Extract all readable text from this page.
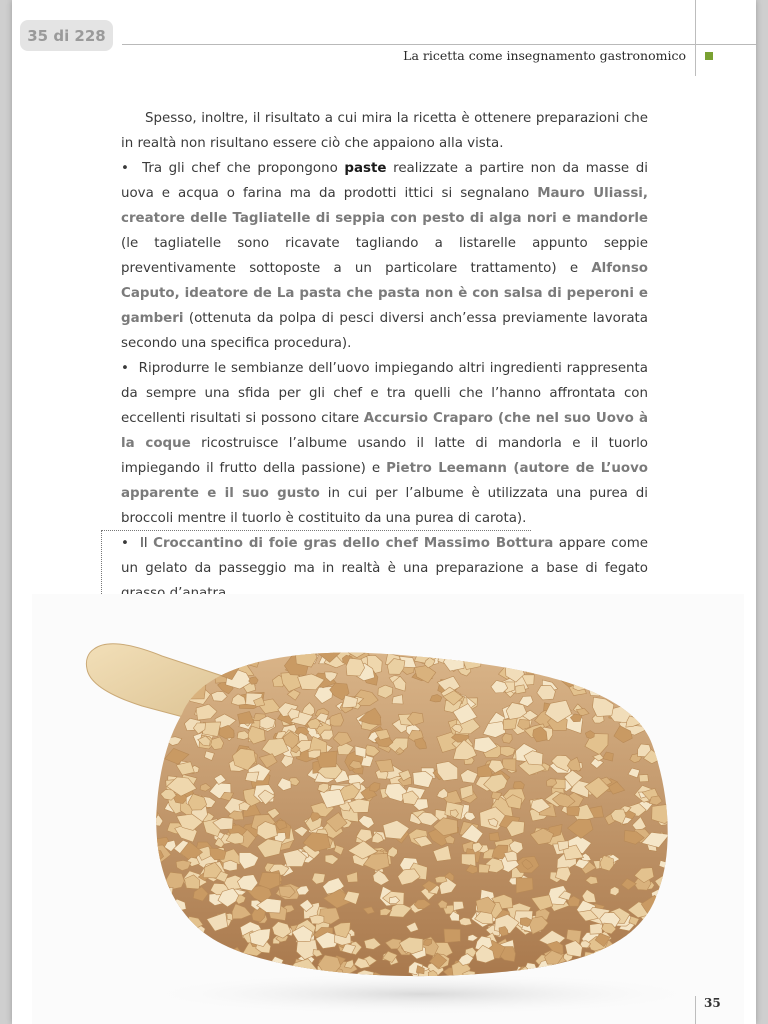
35 di 228
La ricetta come insegnamento gastronomico

Spesso, inoltre, il risultato a cui mira la ricetta è ottenere preparazioni che in realtà non risultano essere ciò che appaiono alla vista.

• Tra gli chef che propongono paste realizzate a partire non da masse di uova e acqua o farina ma da prodotti ittici si segnalano Mauro Uliassi, creatore delle Tagliatelle di seppia con pesto di alga nori e mandorle (le tagliatelle sono ricavate tagliando a listarelle appunto seppie preventivamente sottoposte a un particolare trattamento) e Alfonso Caputo, ideatore de La pasta che pasta non è con salsa di peperoni e gamberi (ottenuta da polpa di pesci diversi anch’essa previamente lavorata secondo una specifica procedura).

• Riprodurre le sembianze dell’uovo impiegando altri ingredienti rappresenta da sempre una sfida per gli chef e tra quelli che l’hanno affrontata con eccellenti risultati si possono citare Accursio Craparo (che nel suo Uovo à la coque ricostruisce l’albume usando il latte di mandorla e il tuorlo impiegando il frutto della passione) e Pietro Leemann (autore de L’uovo apparente e il suo gusto in cui per l’albume è utilizzata una purea di broccoli mentre il tuorlo è costituito da una purea di carota).

• Il Croccantino di foie gras dello chef Massimo Bottura appare come un gelato da passeggio ma in realtà è una preparazione a base di fegato

35
